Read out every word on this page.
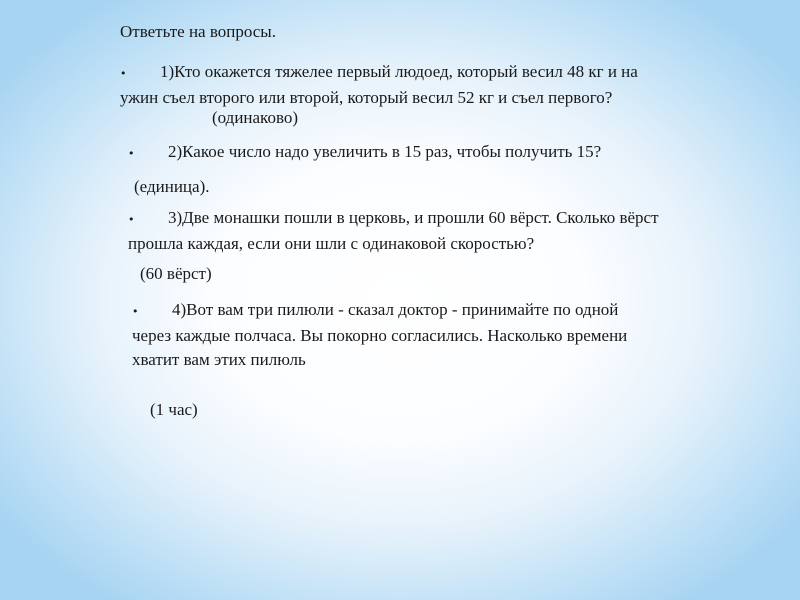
Ответьте на вопросы.
• 1)Кто окажется тяжелее первый людоед, который весил 48 кг и на
ужин съел второго или второй, который весил 52 кг и съел первого?
(одинаково)
• 2)Какое число надо увеличить в 15 раз, чтобы получить 15?
(единица).
• 3)Две монашки пошли в церковь, и прошли 60 вёрст. Сколько вёрст
прошла каждая, если они шли с одинаковой скоростью?
(60 вёрст)
• 4)Вот вам три пилюли - сказал доктор - принимайте по одной
через каждые полчаса. Вы покорно согласились. Насколько времени
хватит вам этих пилюль
(1 час)
